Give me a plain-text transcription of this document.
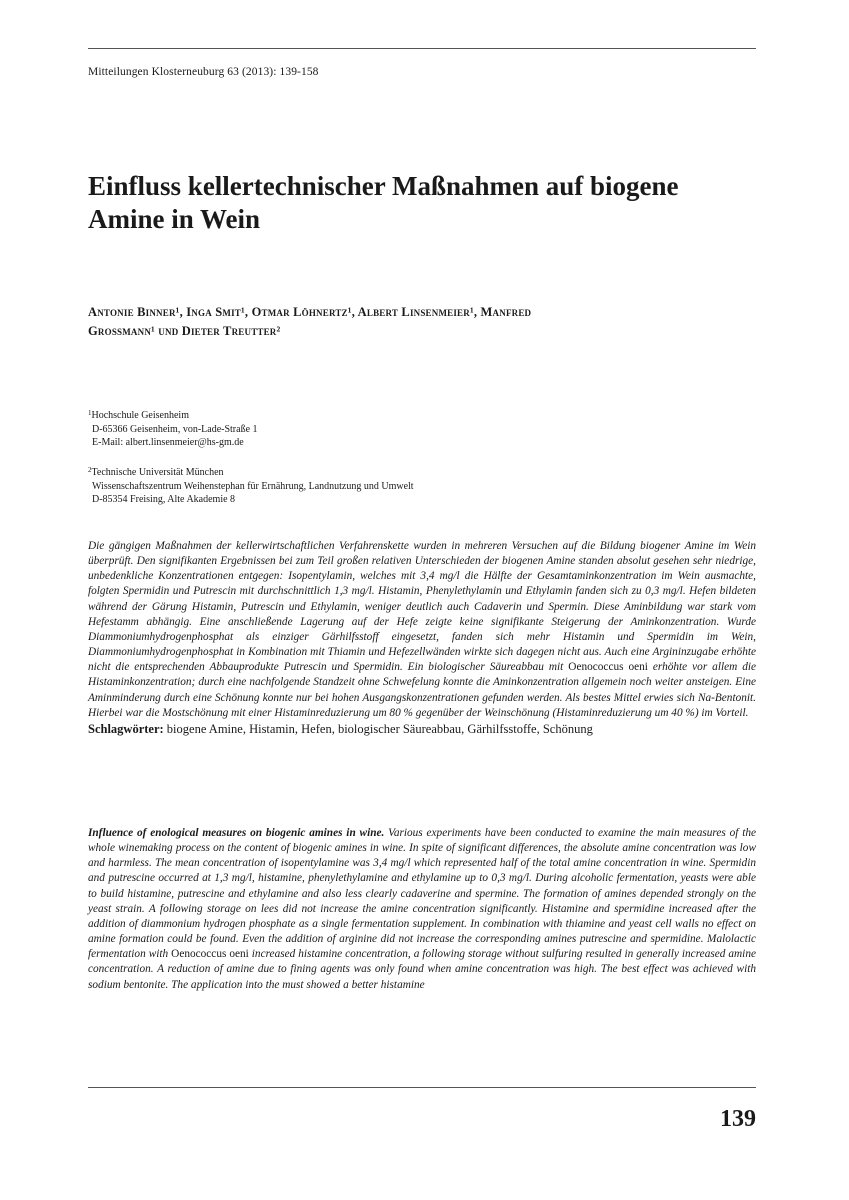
Mitteilungen Klosterneuburg 63 (2013): 139-158
Einfluss kellertechnischer Maßnahmen auf biogene
Amine in Wein
Antonie Binner¹, Inga Smit¹, Otmar Löhnertz¹, Albert Linsenmeier¹, Manfred
Grossmann¹ und Dieter Treutter²
$^1$Hochschule Geisenheim
D-65366 Geisenheim, von-Lade-Straße 1
E-Mail: albert.linsenmeier@hs-gm.de
$^2$Technische Universität München
Wissenschaftszentrum Weihenstephan für Ernährung, Landnutzung und Umwelt
D-85354 Freising, Alte Akademie 8
Die gängigen Maßnahmen der kellerwirtschaftlichen Verfahrenskette wurden in mehreren Versuchen auf die Bildung biogener Amine im Wein überprüft. Den signifikanten Ergebnissen bei zum Teil großen relativen Unterschieden der biogenen Amine standen absolut gesehen sehr niedrige, unbedenkliche Konzentrationen entgegen: Isopentylamin, welches mit 3,4 mg/l die Hälfte der Gesamtaminkonzentration im Wein ausmachte, folgten Spermidin und Putrescin mit durchschnittlich 1,3 mg/l. Histamin, Phenylethylamin und Ethylamin fanden sich zu 0,3 mg/l. Hefen bildeten während der Gärung Histamin, Putrescin und Ethylamin, weniger deutlich auch Cadaverin und Spermin. Diese Aminbildung war stark vom Hefestamm abhängig. Eine anschließende Lagerung auf der Hefe zeigte keine signifikante Steigerung der Aminkonzentration. Wurde Diammoniumhydrogenphosphat als einziger Gärhilfsstoff eingesetzt, fanden sich mehr Histamin und Spermidin im Wein, Diammoniumhydrogenphosphat in Kombination mit Thiamin und Hefezellwänden wirkte sich dagegen nicht aus. Auch eine Argininzugabe erhöhte nicht die entsprechenden Abbauprodukte Putrescin und Spermidin. Ein biologischer Säureabbau mit Oenococcus oeni erhöhte vor allem die Histaminkonzentration; durch eine nachfolgende Standzeit ohne Schwefelung konnte die Aminkonzentration allgemein noch weiter ansteigen. Eine Aminminderung durch eine Schönung konnte nur bei hohen Ausgangskonzentrationen gefunden werden. Als bestes Mittel erwies sich Na-Bentonit. Hierbei war die Mostschönung mit einer Histaminreduzierung um 80 % gegenüber der Weinschönung (Histaminreduzierung um 40 %) im Vorteil.
Schlagwörter: biogene Amine, Histamin, Hefen, biologischer Säureabbau, Gärhilfsstoffe, Schönung
Influence of enological measures on biogenic amines in wine. Various experiments have been conducted to examine the main measures of the whole winemaking process on the content of biogenic amines in wine. In spite of significant differences, the absolute amine concentration was low and harmless. The mean concentration of isopentylamine was 3,4 mg/l which represented half of the total amine concentration in wine. Spermidin and putrescine occurred at 1,3 mg/l, histamine, phenylethylamine and ethylamine up to 0,3 mg/l. During alcoholic fermentation, yeasts were able to build histamine, putrescine and ethylamine and also less clearly cadaverine and spermine. The formation of amines depended strongly on the yeast strain. A following storage on lees did not increase the amine concentration significantly. Histamine and spermidine increased after the addition of diammonium hydrogen phosphate as a single fermentation supplement. In combination with thiamine and yeast cell walls no effect on amine formation could be found. Even the addition of arginine did not increase the corresponding amines putrescine and spermidine. Malolactic fermentation with Oenococcus oeni increased histamine concentration, a following storage without sulfuring resulted in generally increased amine concentration. A reduction of amine due to fining agents was only found when amine concentration was high. The best effect was achieved with sodium bentonite. The application into the must showed a better histamine
139
